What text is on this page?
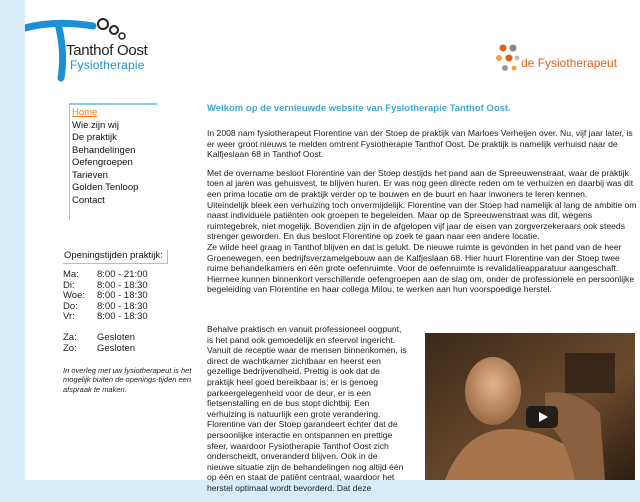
Tanthof Oost
Fysiotherapie	de Fysiotherapeut
Home
Wie zijn wij
De praktijk
Behandelingen
Oefengroepen
Tarieven
Golden Tenloop
Contact
Openingstijden praktijk:
Ma:	8:00 - 21:00
Di:	8:00 - 18:30
Woe:	8:00 - 18:30
Do:	8:00 - 18:30
Vr:	8:00 - 18:30
Za:	Gesloten
Zo:	Gesloten
In overleg met uw fysiotherapeut is het mogelijk buiten de openings-tijden een afspraak te maken.
Welkom op de vernieuwde website van Fysiotherapie Tanthof Oost.

In 2008 nam fysiotherapeut Florentine van der Stoep de praktijk van Marloes Verheijen over. Nu, vijf jaar later, is er weer groot nieuws te melden omtrent Fysiotherapie Tanthof Oost. De praktijk is namelijk verhuisd naar de Kalfjeslaan 68 in Tanthof Oost.

Met de overname besloot Florentine van der Stoep destijds het pand aan de Spreeuwenstraat, waar de praktijk toen al jaren was gehuisvest, te blijven huren. Er was nog geen directe reden om te verhuizen en daarbij was dit een prima locatie om de praktijk verder op te bouwen en de buurt en haar inwoners te leren kennen.

Uiteindelijk bleek een verhuizing toch onvermijdelijk. Florentine van der Stoep had namelijk al lang de ambitie om naast individuele patiënten ook groepen te begeleiden. Maar op de Spreeuwenstraat was dit, wegens ruimtegebrek, niet mogelijk. Bovendien zijn in de afgelopen vijf jaar de eisen van zorgverzekeraars ook steeds strenger geworden. En dus besloot Florentine op zoek te gaan naar een andere locatie.

Ze wilde heel graag in Tanthof blijven en dat is gelukt. De nieuwe ruimte is gevonden in het pand van de heer Groenewegen, een bedrijfsverzamelgebouw aan de Kalfjeslaan 68. Hier huurt Florentine van der Stoep twee ruime behandelkamers en één grote oefenruimte. Voor de oefenruimte is revalidatieapparatuur aangeschaft. Hiermee kunnen binnenkort verschillende oefengroepen aan de slag om, onder de professionele en persoonlijke begeleiding van Florentine en haar collega Milou, te werken aan hun voorspoedige herstel.

Behalve praktisch en vanuit professioneel oogpunt, is het pand ook gemoedelijk en sfeervol ingericht. Vanuit de receptie waar de mensen binnenkomen, is direct de wachtkamer zichtbaar en heerst een gezellige bedrijvendheid. Prettig is ook dat de praktijk heel goed bereikbaar is; er is genoeg parkeergelegenheid voor de deur, er is een fietsenstalling en de bus stopt dichtbij. Een verhuizing is natuurlijk een grote verandering. Florentine van der Stoep garandeert echter dat de persoonlijke interactie en ontspannen en prettige sfeer, waardoor Fysiotherapie Tanthof Oost zich onderscheidt, onveranderd blijven. Ook in de nieuwe situatie zijn de behandelingen nog altijd één op één en staat de patiënt centraal, waardoor het herstel optimaal wordt bevorderd. Dat deze
